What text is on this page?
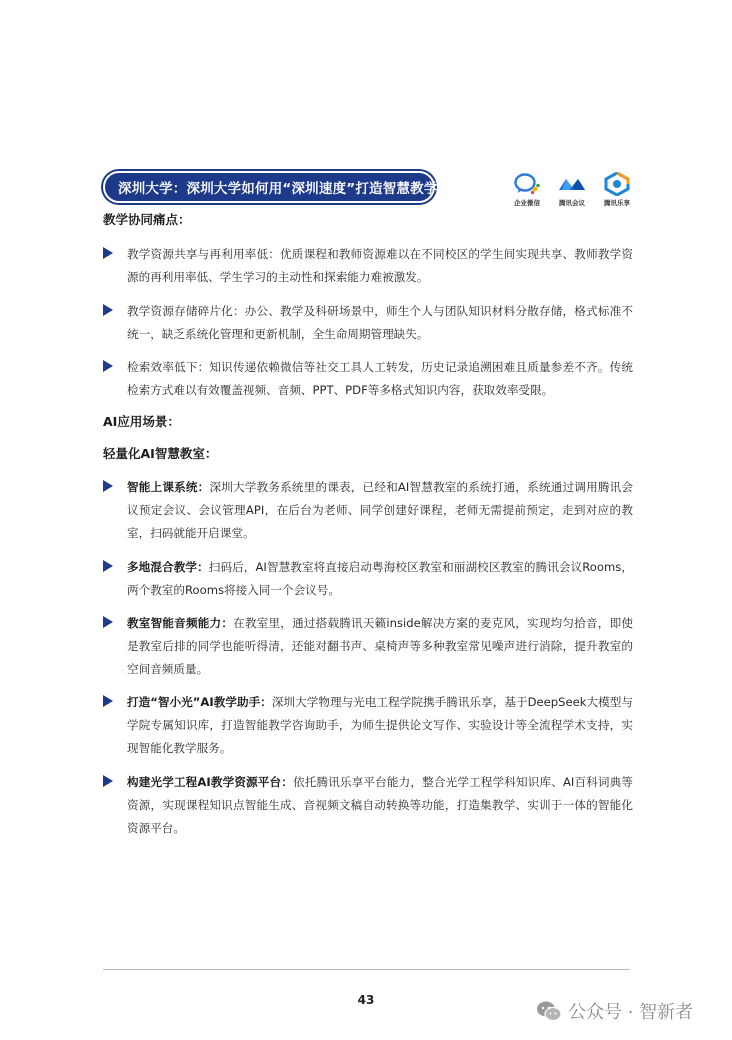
深圳大学：深圳大学如何用“深圳速度”打造智慧教学？
企业微信	腾讯会议	腾讯乐享
教学协同痛点：
教学资源共享与再利用率低：优质课程和教师资源难以在不同校区的学生间实现共享、教师教学资源的再利用率低、学生学习的主动性和探索能力难被激发。
教学资源存储碎片化：办公、教学及科研场景中，师生个人与团队知识材料分散存储，格式标准不统一，缺乏系统化管理和更新机制，全生命周期管理缺失。
检索效率低下：知识传递依赖微信等社交工具人工转发，历史记录追溯困难且质量参差不齐。传统检索方式难以有效覆盖视频、音频、PPT、PDF等多格式知识内容，获取效率受限。
AI应用场景：
轻量化AI智慧教室：
智能上课系统：深圳大学教务系统里的课表，已经和AI智慧教室的系统打通，系统通过调用腾讯会议预定会议、会议管理API，在后台为老师、同学创建好课程，老师无需提前预定，走到对应的教室，扫码就能开启课堂。
多地混合教学：扫码后，AI智慧教室将直接启动粤海校区教室和丽湖校区教室的腾讯会议Rooms，两个教室的Rooms将接入同一个会议号。
教室智能音频能力：在教室里，通过搭载腾讯天籁inside解决方案的麦克风，实现均匀拾音，即使是教室后排的同学也能听得清，还能对翻书声、桌椅声等多种教室常见噪声进行消除，提升教室的空间音频质量。
打造“智小光”AI教学助手：深圳大学物理与光电工程学院携手腾讯乐享，基于DeepSeek大模型与学院专属知识库，打造智能教学咨询助手，为师生提供论文写作、实验设计等全流程学术支持，实现智能化教学服务。
构建光学工程AI教学资源平台：依托腾讯乐享平台能力，整合光学工程学科知识库、AI百科词典等资源，实现课程知识点智能生成、音视频文稿自动转换等功能，打造集教学、实训于一体的智能化资源平台。
43
公众号 · 智新者
